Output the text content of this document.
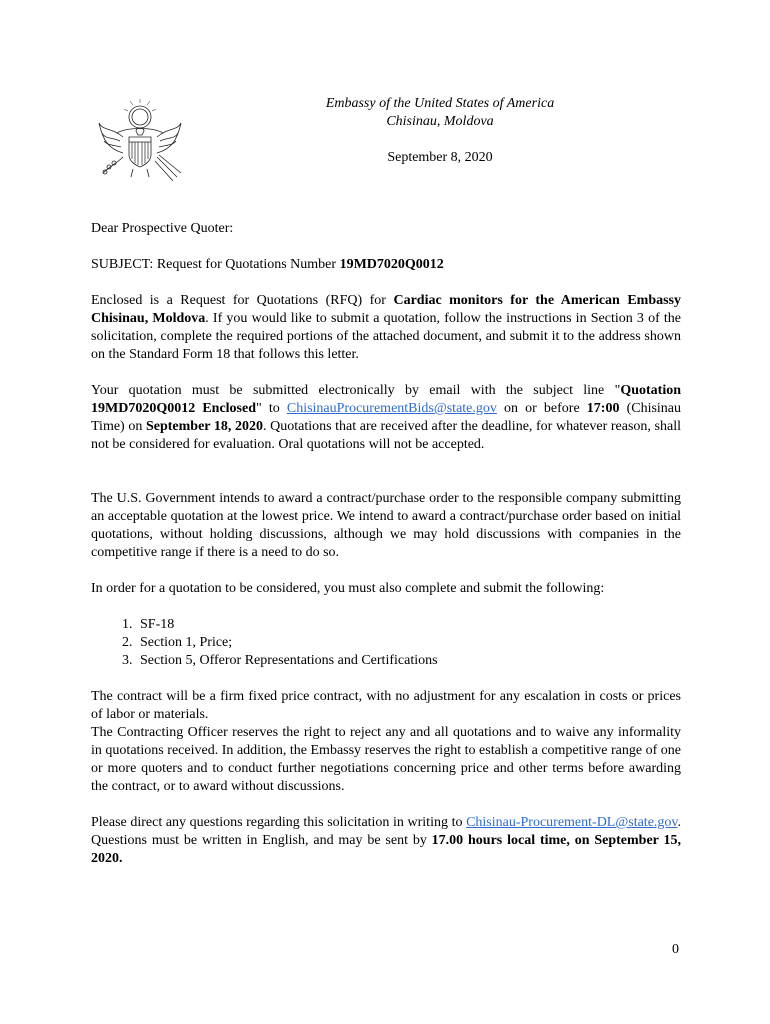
Embassy of the United States of America
Chisinau, Moldova
September 8, 2020

Dear Prospective Quoter:

SUBJECT: Request for Quotations Number 19MD7020Q0012

Enclosed is a Request for Quotations (RFQ) for Cardiac monitors for the American Embassy Chisinau, Moldova. If you would like to submit a quotation, follow the instructions in Section 3 of the solicitation, complete the required portions of the attached document, and submit it to the address shown on the Standard Form 18 that follows this letter.

Your quotation must be submitted electronically by email with the subject line "Quotation 19MD7020Q0012 Enclosed" to ChisinauProcurementBids@state.gov on or before 17:00 (Chisinau Time) on September 18, 2020. Quotations that are received after the deadline, for whatever reason, shall not be considered for evaluation. Oral quotations will not be accepted.

The U.S. Government intends to award a contract/purchase order to the responsible company submitting an acceptable quotation at the lowest price. We intend to award a contract/purchase order based on initial quotations, without holding discussions, although we may hold discussions with companies in the competitive range if there is a need to do so.

In order for a quotation to be considered, you must also complete and submit the following:

1. SF-18
2. Section 1, Price;
3. Section 5, Offeror Representations and Certifications

The contract will be a firm fixed price contract, with no adjustment for any escalation in costs or prices of labor or materials.

The Contracting Officer reserves the right to reject any and all quotations and to waive any informality in quotations received. In addition, the Embassy reserves the right to establish a competitive range of one or more quoters and to conduct further negotiations concerning price and other terms before awarding the contract, or to award without discussions.

Please direct any questions regarding this solicitation in writing to Chisinau-Procurement-DL@state.gov. Questions must be written in English, and may be sent by 17.00 hours local time, on September 15, 2020.

0
